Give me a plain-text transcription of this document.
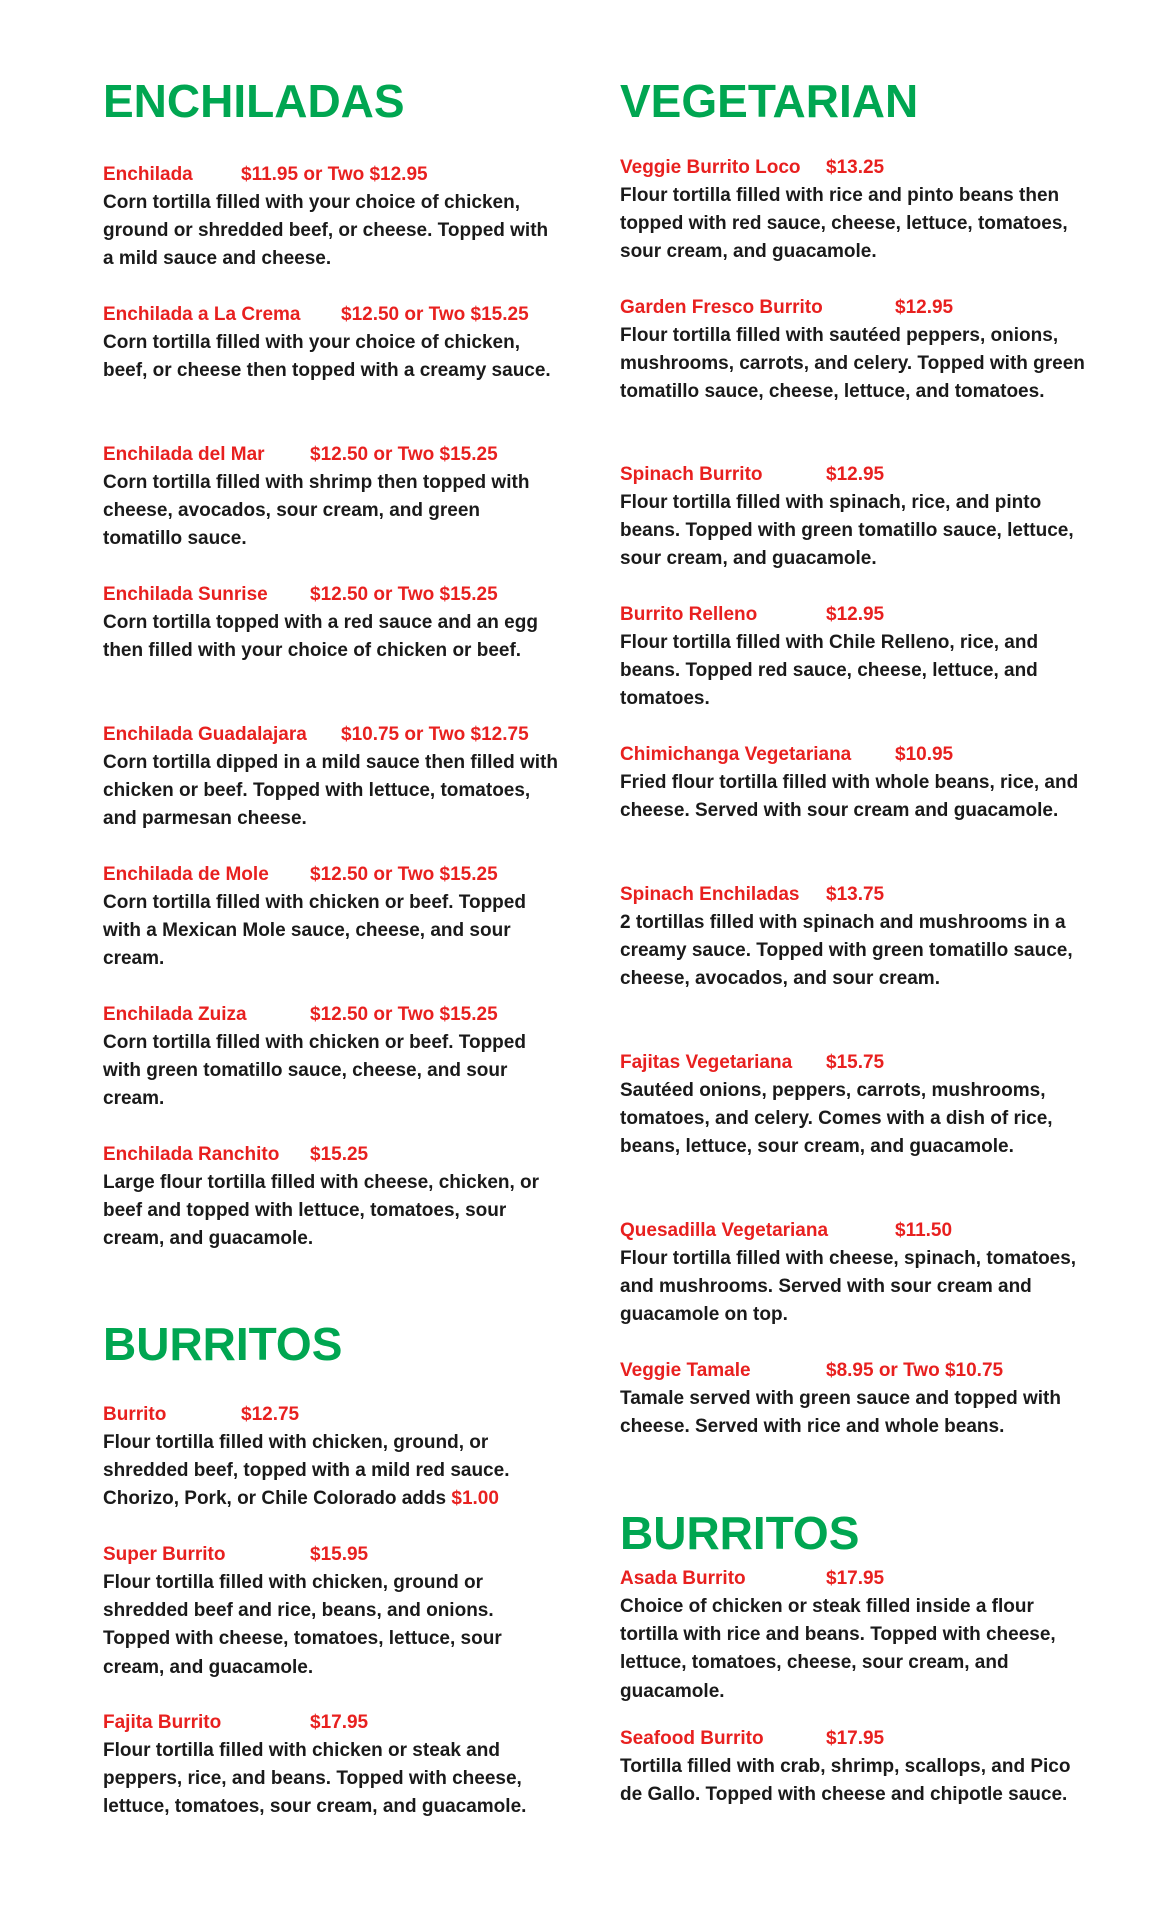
ENCHILADAS
Enchilada	$11.95 or Two $12.95

Corn tortilla filled with your choice of chicken, ground or shredded beef, or cheese. Topped with a mild sauce and cheese.

Enchilada a La Crema $12.50 or Two $15.25

Corn tortilla filled with your choice of chicken, beef, or cheese then topped with a creamy sauce.

Enchilada del Mar $12.50 or Two $15.25

Corn tortilla filled with shrimp then topped with cheese, avocados, sour cream, and green tomatillo sauce.

Enchilada Sunrise $12.50 or Two $15.25

Corn tortilla topped with a red sauce and an egg then filled with your choice of chicken or beef.

Enchilada Guadalajara $10.75 or Two $12.75

Corn tortilla dipped in a mild sauce then filled with chicken or beef. Topped with lettuce, tomatoes, and parmesan cheese.

Enchilada de Mole $12.50 or Two $15.25

Corn tortilla filled with chicken or beef. Topped with a Mexican Mole sauce, cheese, and sour cream.

Enchilada Zuiza	$12.50 or Two $15.25

Corn tortilla filled with chicken or beef. Topped with green tomatillo sauce, cheese, and sour cream.

Enchilada Ranchito $15.25

Large flour tortilla filled with cheese, chicken, or beef and topped with lettuce, tomatoes, sour cream, and guacamole.

BURRITOS
Burrito	$12.75

Flour tortilla filled with chicken, ground, or shredded beef, topped with a mild red sauce. Chorizo, Pork, or Chile Colorado adds $1.00

Super Burrito	$15.95

Flour tortilla filled with chicken, ground or shredded beef and rice, beans, and onions. Topped with cheese, tomatoes, lettuce, sour cream, and guacamole.

Fajita Burrito	$17.95

Flour tortilla filled with chicken or steak and peppers, rice, and beans. Topped with cheese, lettuce, tomatoes, sour cream, and guacamole.

VEGETARIAN
Veggie Burrito Loco $13.25

Flour tortilla filled with rice and pinto beans then topped with red sauce, cheese, lettuce, tomatoes, sour cream, and guacamole.

Garden Fresco Burrito	$12.95

Flour tortilla filled with sautéed peppers, onions, mushrooms, carrots, and celery. Topped with green tomatillo sauce, cheese, lettuce, and tomatoes.

Spinach Burrito	$12.95

Flour tortilla filled with spinach, rice, and pinto beans. Topped with green tomatillo sauce, lettuce, sour cream, and guacamole.

Burrito Relleno	$12.95

Flour tortilla filled with Chile Relleno, rice, and beans. Topped red sauce, cheese, lettuce, and tomatoes.

Chimichanga Vegetariana $10.95

Fried flour tortilla filled with whole beans, rice, and cheese. Served with sour cream and guacamole.

Spinach Enchiladas $13.75

2 tortillas filled with spinach and mushrooms in a creamy sauce. Topped with green tomatillo sauce, cheese, avocados, and sour cream.

Fajitas Vegetariana $15.75

Sautéed onions, peppers, carrots, mushrooms, tomatoes, and celery. Comes with a dish of rice, beans, lettuce, sour cream, and guacamole.

Quesadilla Vegetariana	$11.50

Flour tortilla filled with cheese, spinach, tomatoes, and mushrooms. Served with sour cream and guacamole on top.

Veggie Tamale	$8.95 or Two $10.75

Tamale served with green sauce and topped with cheese. Served with rice and whole beans.

BURRITOS
Asada Burrito	$17.95

Choice of chicken or steak filled inside a flour tortilla with rice and beans. Topped with cheese, lettuce, tomatoes, cheese, sour cream, and guacamole.

Seafood Burrito	$17.95

Tortilla filled with crab, shrimp, scallops, and Pico de Gallo. Topped with cheese and chipotle sauce.
